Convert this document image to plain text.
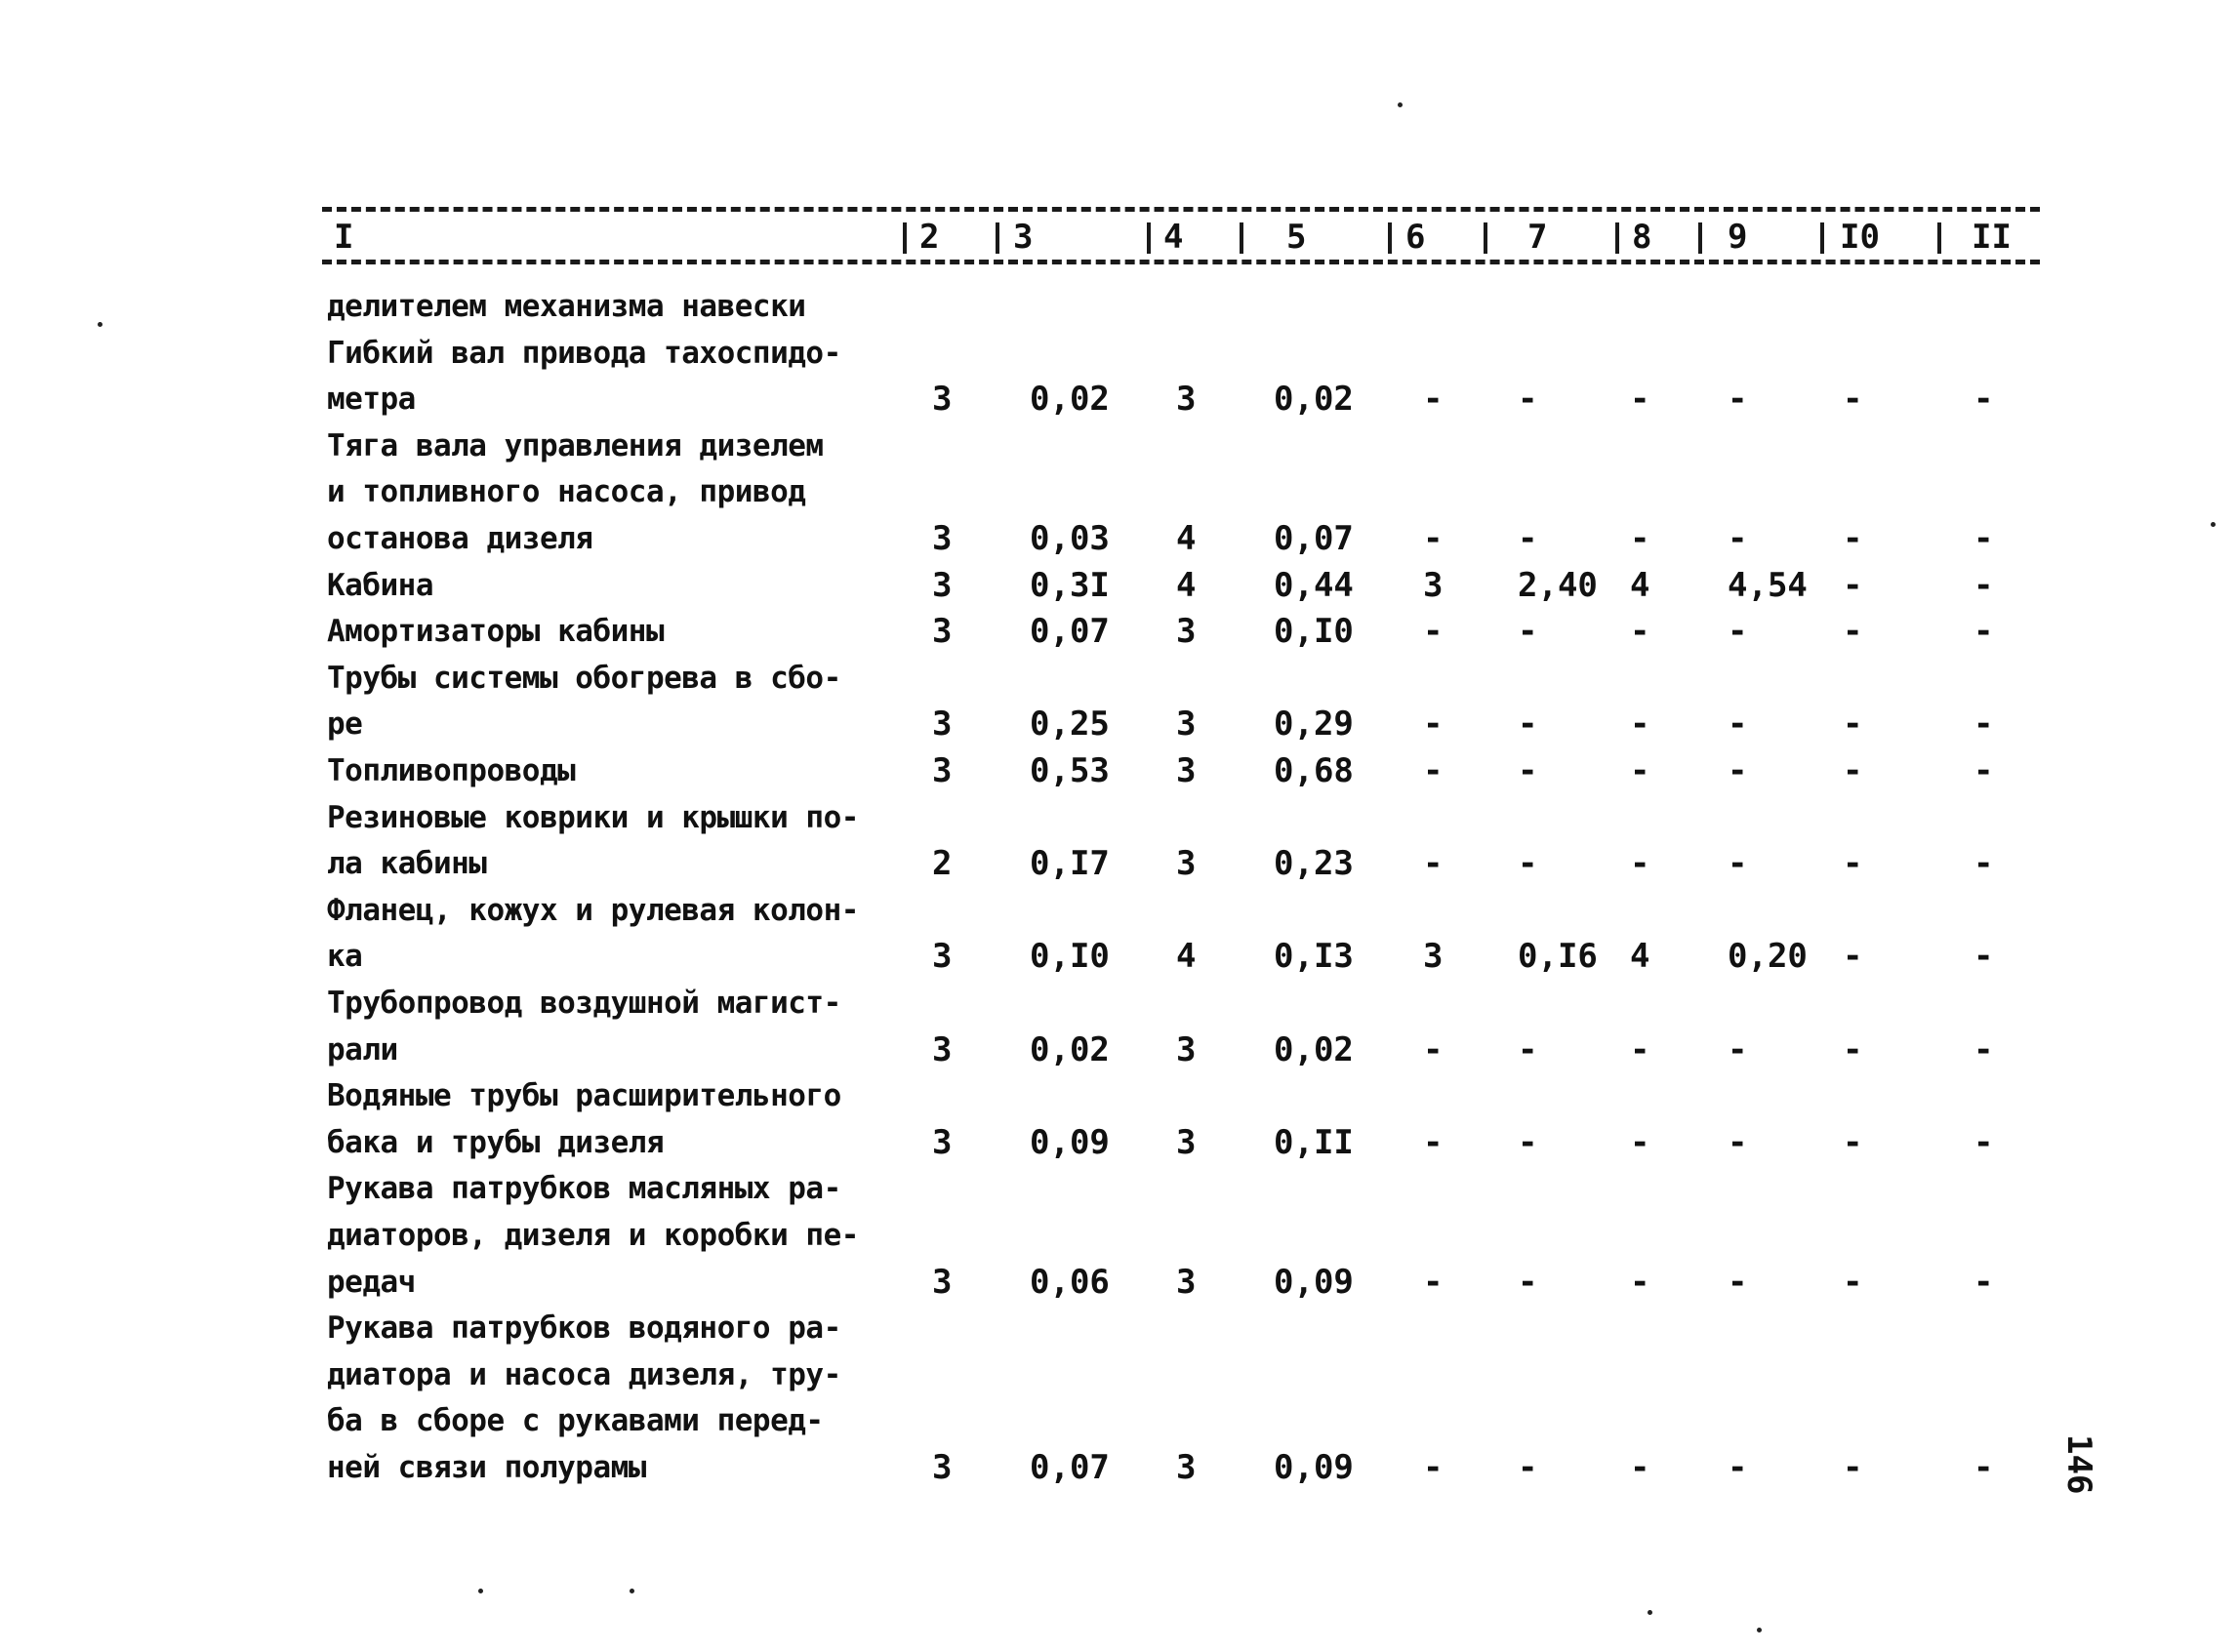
I	2 3	4	5	6	7	8 9	I0	II
делителем механизма навески
Гибкий вал привода тахоспидо-
метра	3 0,02 3 0,02 - -	- -	-	-
Тяга вала управления дизелем
и топливного насоса, привод
останова дизеля	3 0,03 4 0,07 - -	- -	-	-
Кабина	3 0,3I 4 0,44 3 2,40 4 4,54 -	-
Амортизаторы кабины	3 0,07 3 0,I0 - -	- -	-	-
Трубы системы обогрева в сбо-
ре	3 0,25 3 0,29 - -	- -	-	-
Топливопроводы	3 0,53 3 0,68 - -	- -	-	-
Резиновые коврики и крышки по-
ла кабины	2 0,I7 3 0,23 - -	- -	-	-
Фланец, кожух и рулевая колон-
ка	3 0,I0 4 0,I3 3 0,I6 4 0,20 -	-
Трубопровод воздушной магист-
рали	3 0,02 3 0,02 - -	- -	-	-
Водяные трубы расширительного
бака и трубы дизеля	3 0,09 3 0,II - -	- -	-	-
Рукава патрубков масляных ра-
диаторов, дизеля и коробки пе-
редач	3 0,06 3 0,09 - -	- -	-	-
Рукава патрубков водяного ра-
диатора и насоса дизеля, тру-
ба в сборе с рукавами перед-
ней связи полурамы	3 0,07 3 0,09 - -	- -	-	- 146
